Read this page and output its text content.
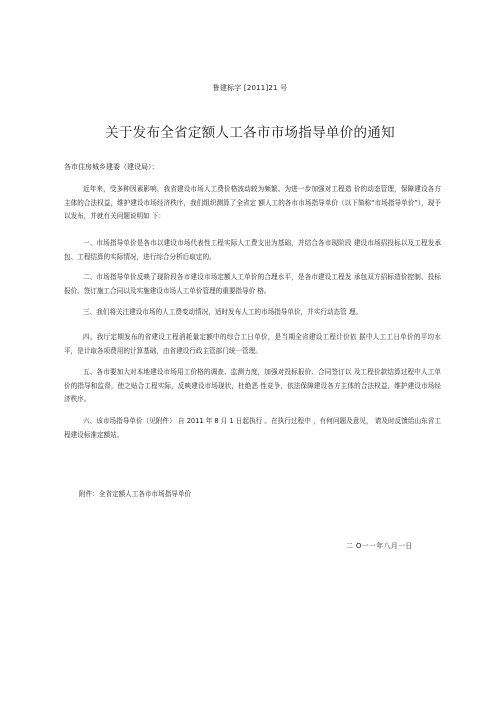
鲁建标字 [2011]21 号
关于发布全省定额人工各市市场指导单价的通知
各市住房城乡建委（建设局）：

近年来，受多种因素影响，我省建设市场人工费价格波动较为频繁。为进一步加强对工程造 价的动态管理，保障建设各方主体的合法权益，维护建设市场经济秩序，我们组织测算了全省定 额人工的各市市场指导单价（以下简称“市场指导单价”），现予以发布，并就有关问题说明如 下：

一、市场指导单价是各市以建设市场代表性工程实际人工费支出为基础，并结合各市现阶段 建设市场招投标以及工程发承包、工程结算的实际情况，进行综合分析后取定的。

二、市场指导单价反映了现阶段各市建设市场定额人工单价的合理水平，是各市建设工程发 承包双方招标造价控制、投标报价、签订施工合同以及实施建设市场人工单价管理的重要指导价 格。

三、我们将关注建设市场的人工费变动情况，适时发布人工的市场指导单价，并实行动态管 理。

四、我厅定期发布的省建设工程消耗量定额中的综合工日单价，是当期全省建设工程计价依 据中人工工日单价的平均水平，是计取各项费用的计算基础，由省建设行政主管部门统一管理。

五、各市要加大对本地建设市场用工价格的调查、监测力度，加强对投标报价、合同签订以 及工程价款结算过程中人工单价的指导和监督，使之贴合工程实际，反映建设市场现状，杜绝恶 性竞争，依法保障建设各方主体的合法权益，维护建设市场经济秩序。

六、该市场指导单价（见附件） 自 2011 年 8 月 1 日起执行 。在执行过程中 ，有何问题及意见， 请及时反馈给山东省工程建设标准定额站。

附件：全省定额人工各市市场指导单价
二 O一一年八月一日
